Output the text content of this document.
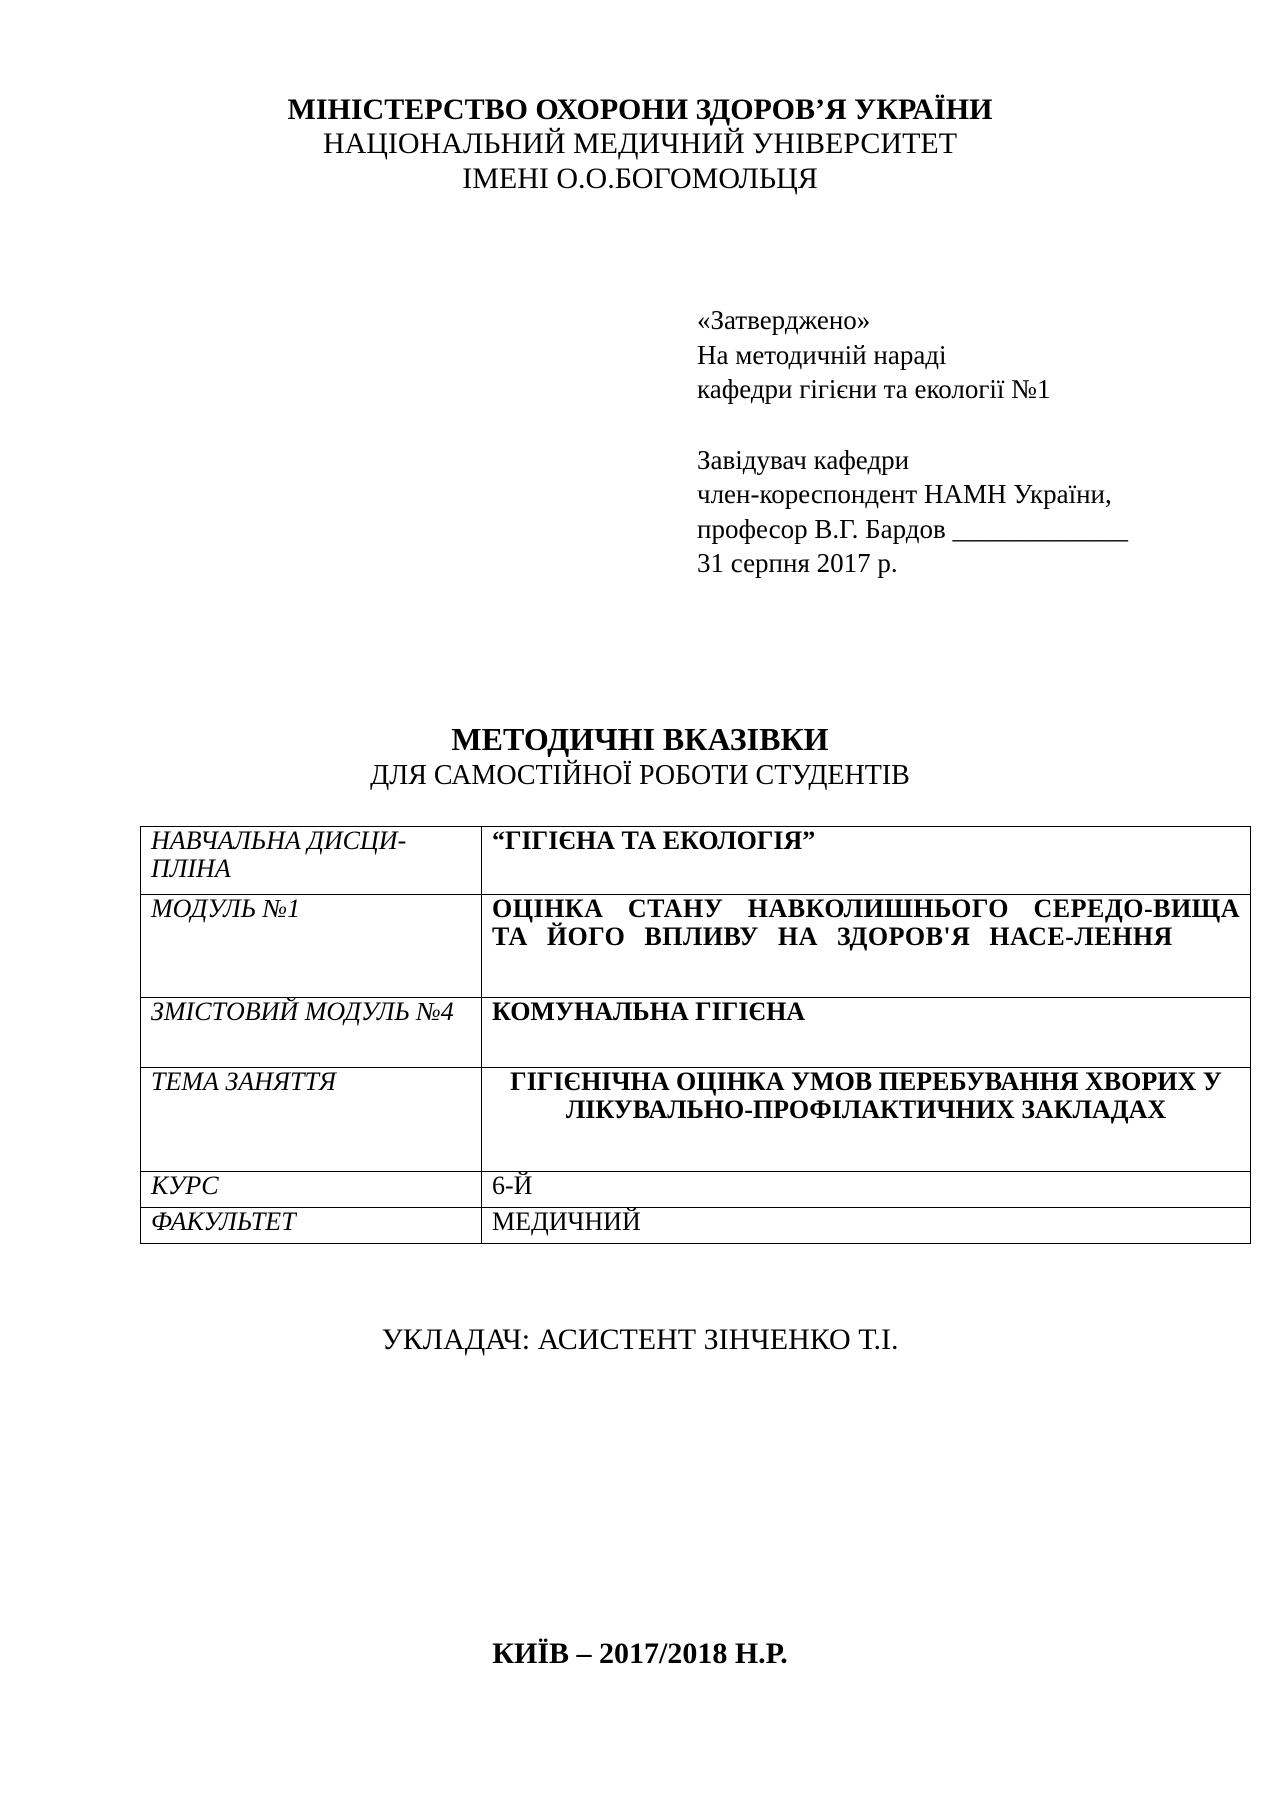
МІНІСТЕРСТВО ОХОРОНИ ЗДОРОВ’Я УКРАЇНИ
НАЦІОНАЛЬНИЙ МЕДИЧНИЙ УНІВЕРСИТЕТ
ІМЕНІ О.О.БОГОМОЛЬЦЯ
«Затверджено»
На методичній нараді
кафедри гігієни та екології №1
Завідувач кафедри
член-кореспондент НАМН України,
професор В.Г. Бардов _____________
31 серпня 2017 р.
МЕТОДИЧНІ ВКАЗІВКИ
ДЛЯ САМОСТІЙНОЇ РОБОТИ СТУДЕНТІВ
НАВЧАЛЬНА ДИСЦИ-ПЛІНА	“ГІГІЄНА ТА ЕКОЛОГІЯ”
МОДУЛЬ №1	ОЦІНКА СТАНУ НАВКОЛИШНЬОГО СЕРЕДО-ВИЩА ТА ЙОГО ВПЛИВУ НА ЗДОРОВ'Я НАСЕ-ЛЕННЯ
ЗМІСТОВИЙ МОДУЛЬ №4	КОМУНАЛЬНА ГІГІЄНА
ТЕМА ЗАНЯТТЯ	ГІГІЄНІЧНА ОЦІНКА УМОВ ПЕРЕБУВАННЯ ХВОРИХ У ЛІКУВАЛЬНО-ПРОФІЛАКТИЧНИХ ЗАКЛАДАХ
КУРС	6-Й
ФАКУЛЬТЕТ	МЕДИЧНИЙ
УКЛАДАЧ: АСИСТЕНТ ЗІНЧЕНКО Т.І.
КИЇВ – 2017/2018 Н.Р.
